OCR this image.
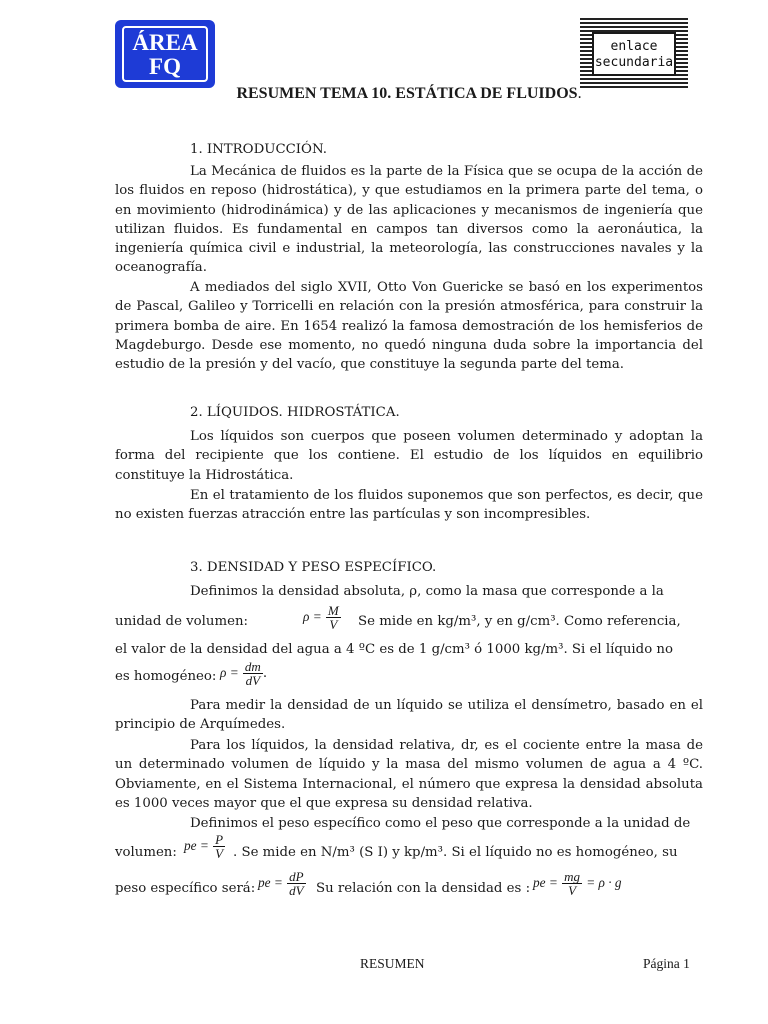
ÁREA
FQ
enlace
secundaria
RESUMEN TEMA 10. ESTÁTICA DE FLUIDOS.
1. INTRODUCCIÓN.
La Mecánica de fluidos es la parte de la Física que se ocupa de la acción de los fluidos en reposo (hidrostática), y que estudiamos en la primera parte del tema, o en movimiento (hidrodinámica) y de las aplicaciones y mecanismos de ingeniería que utilizan fluidos. Es fundamental en campos tan diversos como la aeronáutica, la ingeniería química civil e industrial, la meteorología, las construcciones navales y la oceanografía.
A mediados del siglo XVII, Otto Von Guericke se basó en los experimentos de Pascal, Galileo y Torricelli en relación con la presión atmosférica, para construir la primera bomba de aire. En 1654 realizó la famosa demostración de los hemisferios de Magdeburgo. Desde ese momento, no quedó ninguna duda sobre la importancia del estudio de la presión y del vacío, que constituye la segunda parte del tema.
2. LÍQUIDOS. HIDROSTÁTICA.
Los líquidos son cuerpos que poseen volumen determinado y adoptan la forma del recipiente que los contiene. El estudio de los líquidos en equilibrio constituye la Hidrostática.
En el tratamiento de los fluidos suponemos que son perfectos, es decir, que no existen fuerzas atracción entre las partículas y son incompresibles.
3. DENSIDAD Y PESO ESPECÍFICO.
Definimos la densidad absoluta, ρ, como la masa que corresponde a la
unidad de volumen:	$\rho = \frac{M}{V}$ Se mide en kg/m³, y en g/cm³. Como referencia,
el valor de la densidad del agua a 4 ºC es de 1 g/cm³ ó 1000 kg/m³. Si el líquido no
es homogéneo: $\rho = \frac{dm}{dV}$ .
Para medir la densidad de un líquido se utiliza el densímetro, basado en el principio de Arquímedes.
Para los líquidos, la densidad relativa, dr, es el cociente entre la masa de un determinado volumen de líquido y la masa del mismo volumen de agua a 4 ºC. Obviamente, en el Sistema Internacional, el número que expresa la densidad absoluta es 1000 veces mayor que el que expresa su densidad relativa.
Definimos el peso específico como el peso que corresponde a la unidad de
volumen: pe = $\frac{P}{V}$ . Se mide en N/m³ (S I) y kp/m³. Si el líquido no es homogéneo, su
peso específico será: pe = $\frac{dP}{dV}$ Su relación con la densidad es : pe = $\frac{mg}{V} = \rho \cdot g$
RESUMEN	Página 1
